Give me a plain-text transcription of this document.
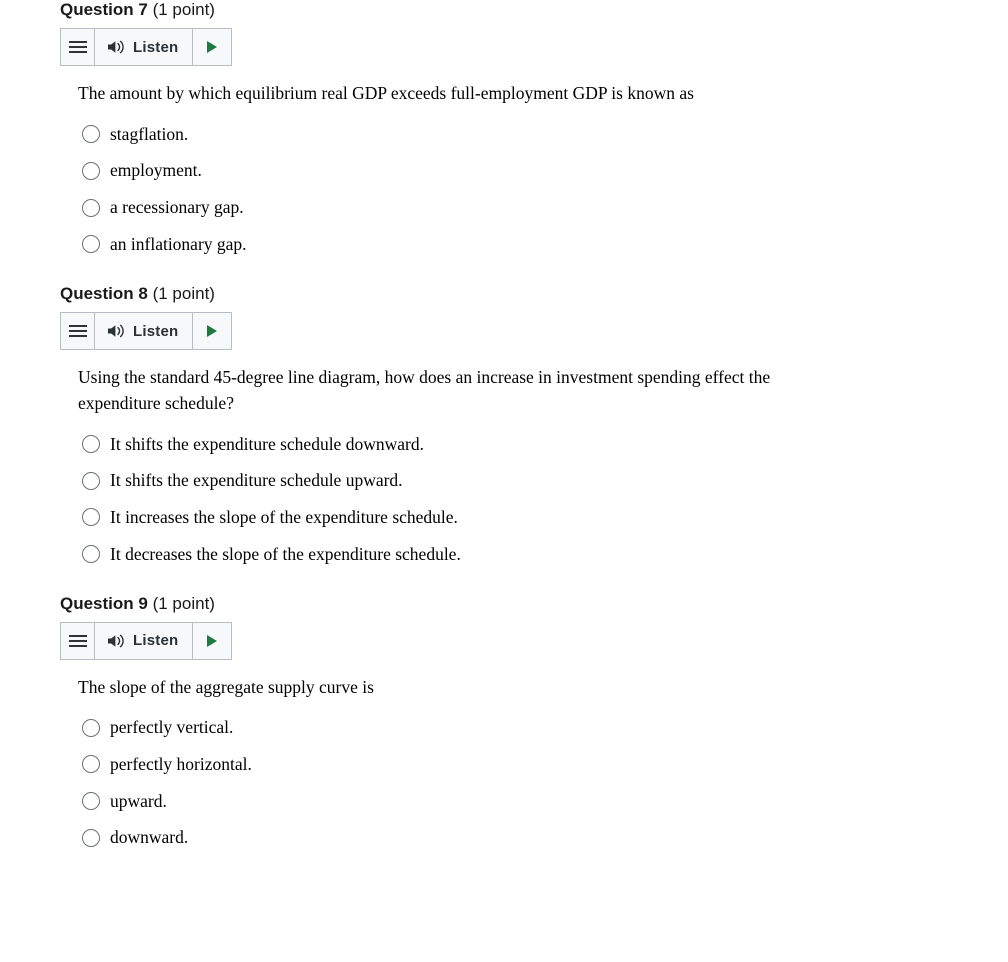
Question 7 (1 point)
Listen

The amount by which equilibrium real GDP exceeds full-employment GDP is known as

stagflation.
employment.
a recessionary gap.
an inflationary gap.
Question 8 (1 point)
Listen

Using the standard 45-degree line diagram, how does an increase in investment spending effect the expenditure schedule?

It shifts the expenditure schedule downward.
It shifts the expenditure schedule upward.
It increases the slope of the expenditure schedule.
It decreases the slope of the expenditure schedule.
Question 9 (1 point)
Listen

The slope of the aggregate supply curve is

perfectly vertical.
perfectly horizontal.
upward.
downward.
